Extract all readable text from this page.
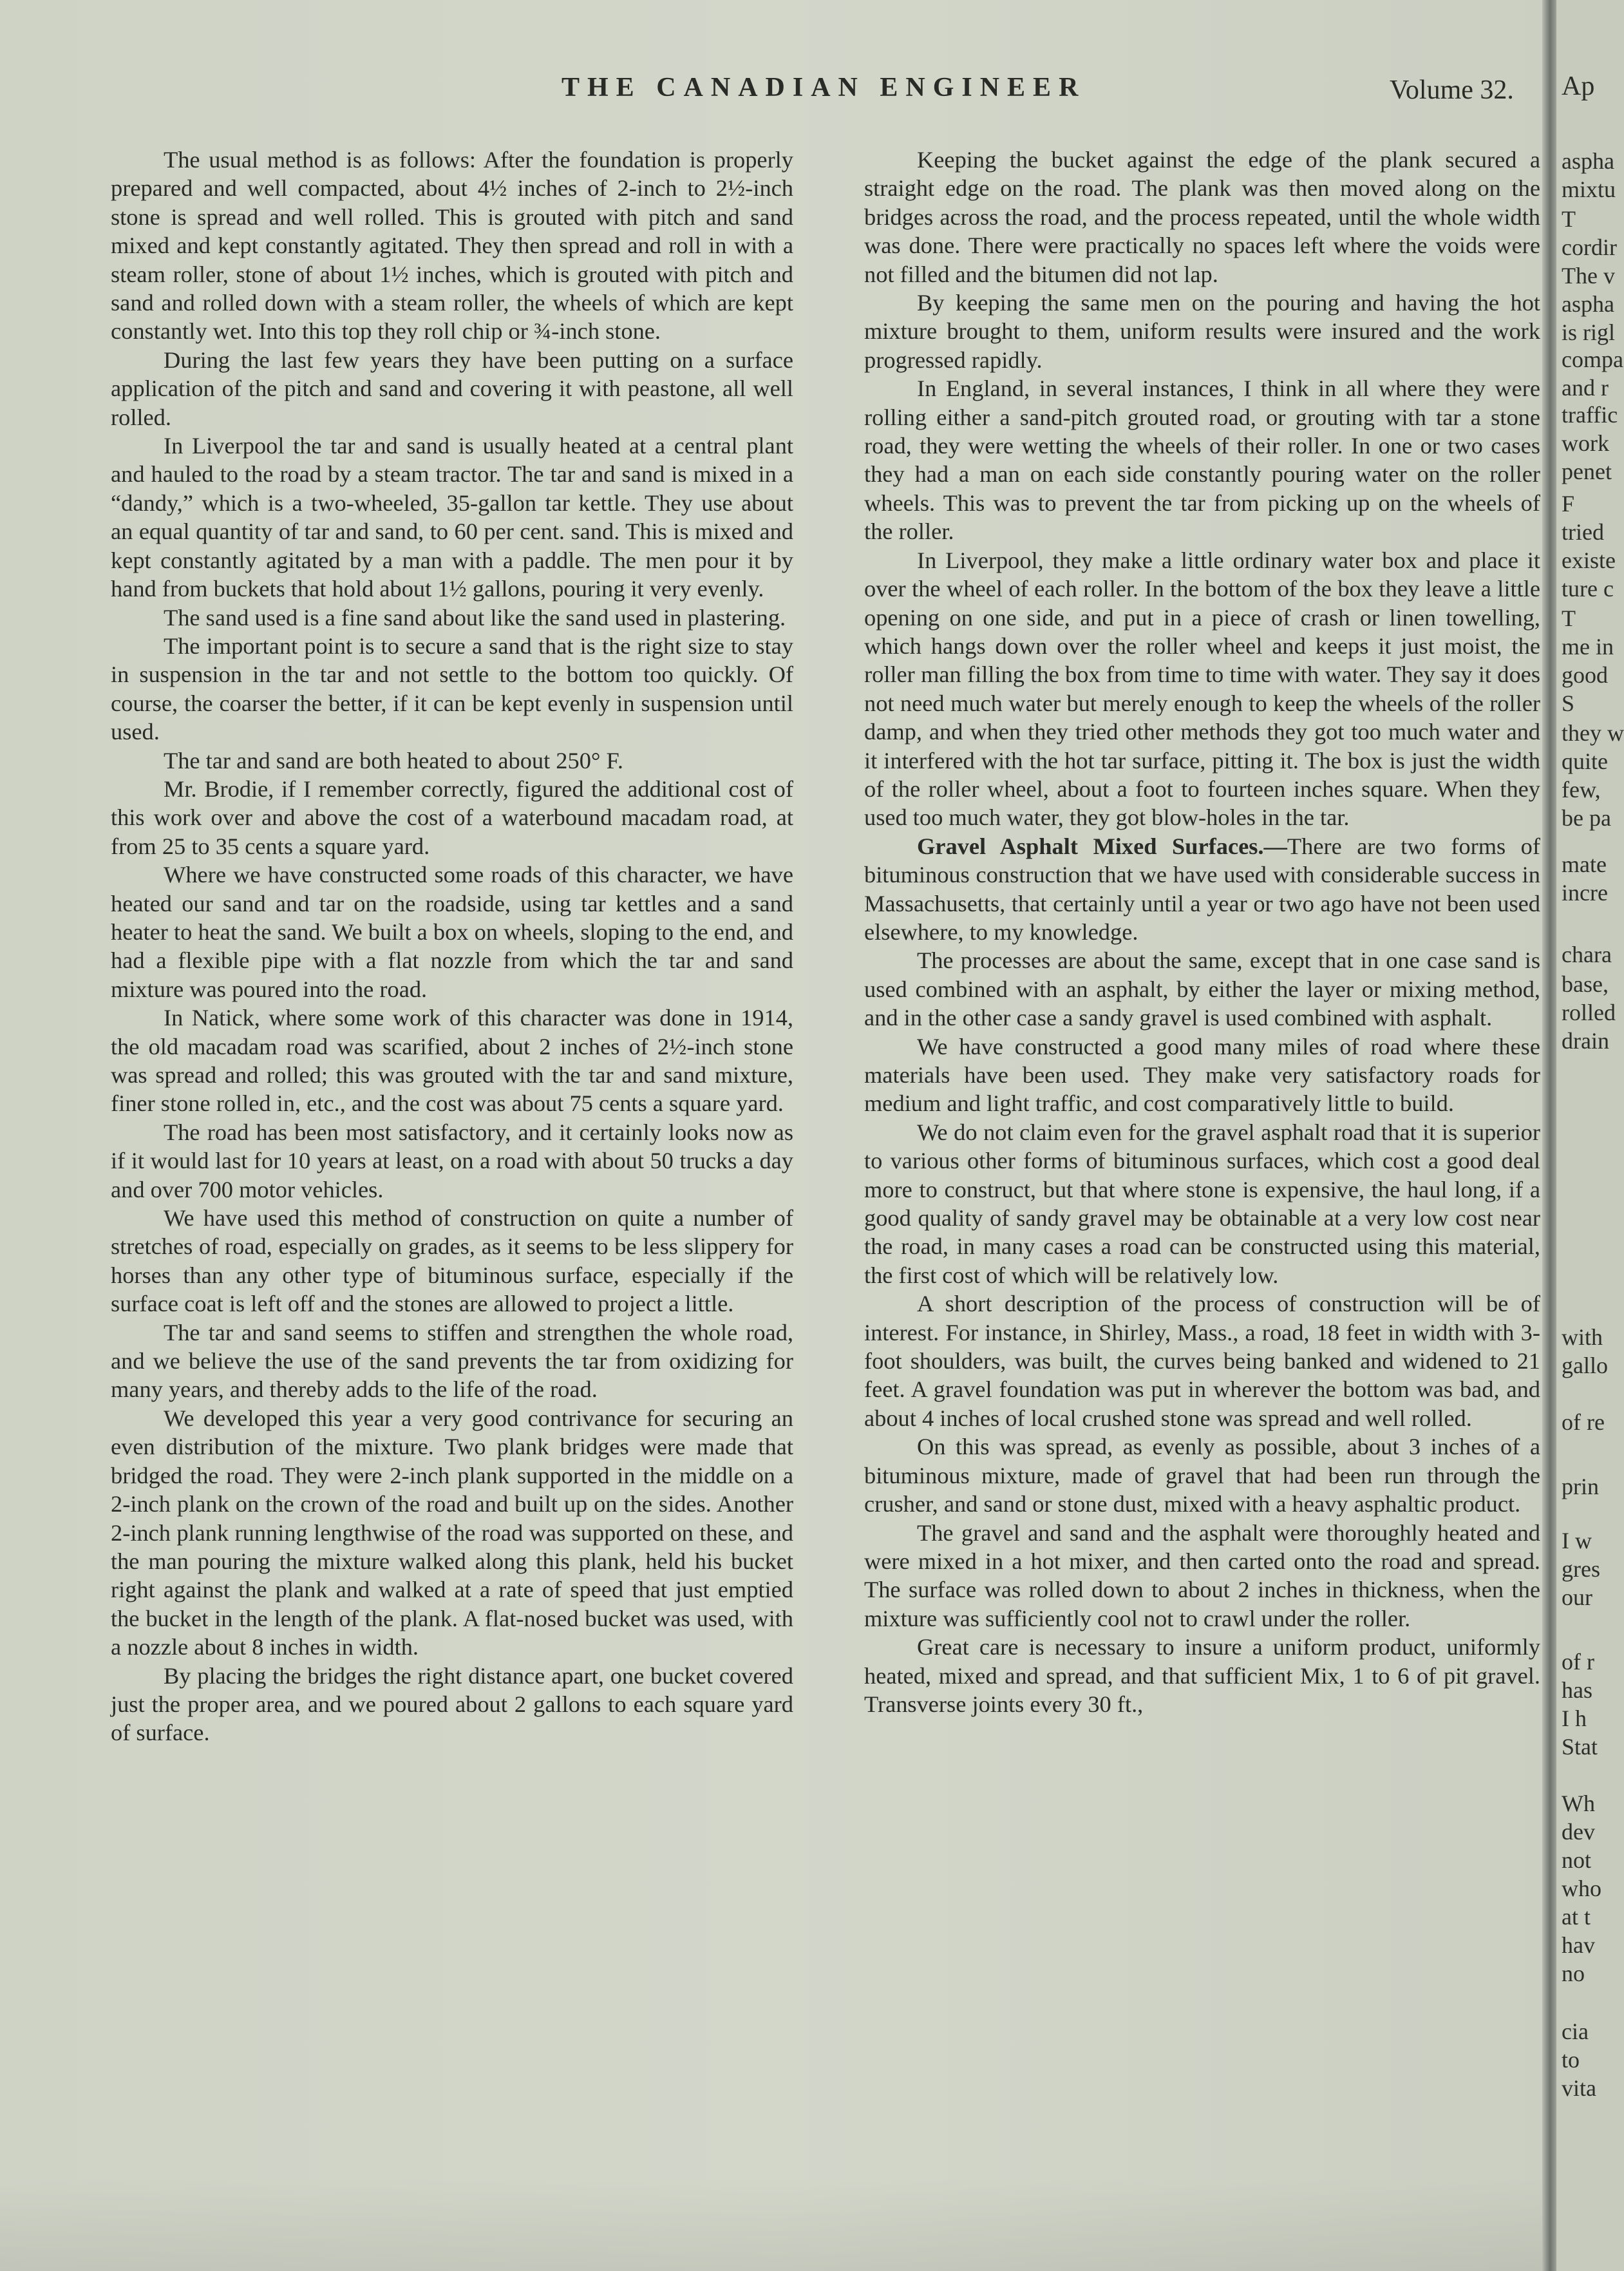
THE CANADIAN ENGINEER	Volume 32.

The usual method is as follows: After the foundation is properly prepared and well compacted, about 4½ inches of 2-inch to 2½-inch stone is spread and well rolled. This is grouted with pitch and sand mixed and kept constantly agitated. They then spread and roll in with a steam roller, stone of about 1½ inches, which is grouted with pitch and sand and rolled down with a steam roller, the wheels of which are kept constantly wet. Into this top they roll chip or ¾-inch stone.

During the last few years they have been putting on a surface application of the pitch and sand and covering it with peastone, all well rolled.

In Liverpool the tar and sand is usually heated at a central plant and hauled to the road by a steam tractor. The tar and sand is mixed in a “dandy,” which is a two-wheeled, 35-gallon tar kettle. They use about an equal quantity of tar and sand, to 60 per cent. sand. This is mixed and kept constantly agitated by a man with a paddle. The men pour it by hand from buckets that hold about 1½ gallons, pouring it very evenly.

The sand used is a fine sand about like the sand used in plastering.

The important point is to secure a sand that is the right size to stay in suspension in the tar and not settle to the bottom too quickly. Of course, the coarser the better, if it can be kept evenly in suspension until used.

The tar and sand are both heated to about 250° F.

Mr. Brodie, if I remember correctly, figured the additional cost of this work over and above the cost of a waterbound macadam road, at from 25 to 35 cents a square yard.

Where we have constructed some roads of this character, we have heated our sand and tar on the roadside, using tar kettles and a sand heater to heat the sand. We built a box on wheels, sloping to the end, and had a flexible pipe with a flat nozzle from which the tar and sand mixture was poured into the road.

In Natick, where some work of this character was done in 1914, the old macadam road was scarified, about 2 inches of 2½-inch stone was spread and rolled; this was grouted with the tar and sand mixture, finer stone rolled in, etc., and the cost was about 75 cents a square yard.

The road has been most satisfactory, and it certainly looks now as if it would last for 10 years at least, on a road with about 50 trucks a day and over 700 motor vehicles.

We have used this method of construction on quite a number of stretches of road, especially on grades, as it seems to be less slippery for horses than any other type of bituminous surface, especially if the surface coat is left off and the stones are allowed to project a little.

The tar and sand seems to stiffen and strengthen the whole road, and we believe the use of the sand prevents the tar from oxidizing for many years, and thereby adds to the life of the road.

We developed this year a very good contrivance for securing an even distribution of the mixture. Two plank bridges were made that bridged the road. They were 2-inch plank supported in the middle on a 2-inch plank on the crown of the road and built up on the sides. Another 2-inch plank running lengthwise of the road was supported on these, and the man pouring the mixture walked along this plank, held his bucket right against the plank and walked at a rate of speed that just emptied the bucket in the length of the plank. A flat-nosed bucket was used, with a nozzle about 8 inches in width.

By placing the bridges the right distance apart, one bucket covered just the proper area, and we poured about 2 gallons to each square yard of surface.

Keeping the bucket against the edge of the plank secured a straight edge on the road. The plank was then moved along on the bridges across the road, and the process repeated, until the whole width was done. There were practically no spaces left where the voids were not filled and the bitumen did not lap.

By keeping the same men on the pouring and having the hot mixture brought to them, uniform results were insured and the work progressed rapidly.

In England, in several instances, I think in all where they were rolling either a sand-pitch grouted road, or grouting with tar a stone road, they were wetting the wheels of their roller. In one or two cases they had a man on each side constantly pouring water on the roller wheels. This was to prevent the tar from picking up on the wheels of the roller.

In Liverpool, they make a little ordinary water box and place it over the wheel of each roller. In the bottom of the box they leave a little opening on one side, and put in a piece of crash or linen towelling, which hangs down over the roller wheel and keeps it just moist, the roller man filling the box from time to time with water. They say it does not need much water but merely enough to keep the wheels of the roller damp, and when they tried other methods they got too much water and it interfered with the hot tar surface, pitting it. The box is just the width of the roller wheel, about a foot to fourteen inches square. When they used too much water, they got blow-holes in the tar.

Gravel Asphalt Mixed Surfaces.—There are two forms of bituminous construction that we have used with considerable success in Massachusetts, that certainly until a year or two ago have not been used elsewhere, to my knowledge.

The processes are about the same, except that in one case sand is used combined with an asphalt, by either the layer or mixing method, and in the other case a sandy gravel is used combined with asphalt.

We have constructed a good many miles of road where these materials have been used. They make very satisfactory roads for medium and light traffic, and cost comparatively little to build.

We do not claim even for the gravel asphalt road that it is superior to various other forms of bituminous surfaces, which cost a good deal more to construct, but that where stone is expensive, the haul long, if a good quality of sandy gravel may be obtainable at a very low cost near the road, in many cases a road can be constructed using this material, the first cost of which will be relatively low.

A short description of the process of construction will be of interest. For instance, in Shirley, Mass., a road, 18 feet in width with 3-foot shoulders, was built, the curves being banked and widened to 21 feet. A gravel foundation was put in wherever the bottom was bad, and about 4 inches of local crushed stone was spread and well rolled.

On this was spread, as evenly as possible, about 3 inches of a bituminous mixture, made of gravel that had been run through the crusher, and sand or stone dust, mixed with a heavy asphaltic product.

The gravel and sand and the asphalt were thoroughly heated and were mixed in a hot mixer, and then carted onto the road and spread. The surface was rolled down to about 2 inches in thickness, when the mixture was sufficiently cool not to crawl under the roller.

Great care is necessary to insure a uniform product, uniformly heated, mixed and spread, and that sufficient Mix, 1 to 6 of pit gravel. Transverse joints every 30 ft.,

Ap
aspha
mixtu
T
cordir
The v
aspha
is rigl
compa
and r
traffic
work
penet
F
tried
existe
ture c
T
me in
good
S
they w
quite
few,
be pa
mate
incre
chara
base,
rolled
drain
with
gallo
of re
prin
I w
gres
our
of r
has
I h
Stat
Wh
dev
not
who
at t
hav
no
cia
to
vita
